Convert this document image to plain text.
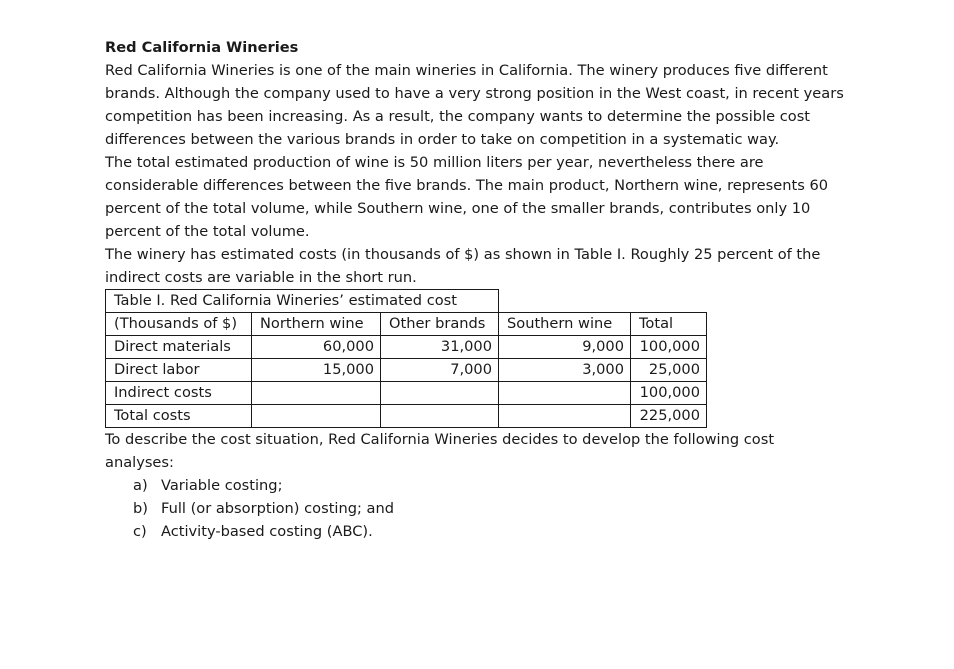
Red California Wineries

Red California Wineries is one of the main wineries in California. The winery produces five different brands. Although the company used to have a very strong position in the West coast, in recent years competition has been increasing. As a result, the company wants to determine the possible cost differences between the various brands in order to take on competition in a systematic way.

The total estimated production of wine is 50 million liters per year, nevertheless there are considerable differences between the five brands. The main product, Northern wine, represents 60 percent of the total volume, while Southern wine, one of the smaller brands, contributes only 10 percent of the total volume.

The winery has estimated costs (in thousands of $) as shown in Table I. Roughly 25 percent of the indirect costs are variable in the short run.

Table I. Red California Wineries’ estimated cost				
(Thousands of $)	Northern wine	Other brands	Southern wine	Total
Direct materials	60,000	31,000	9,000	100,000
Direct labor	15,000	7,000	3,000	25,000
Indirect costs				100,000
Total costs				225,000

To describe the cost situation, Red California Wineries decides to develop the following cost analyses:

a) Variable costing;
b) Full (or absorption) costing; and
c) Activity-based costing (ABC).
